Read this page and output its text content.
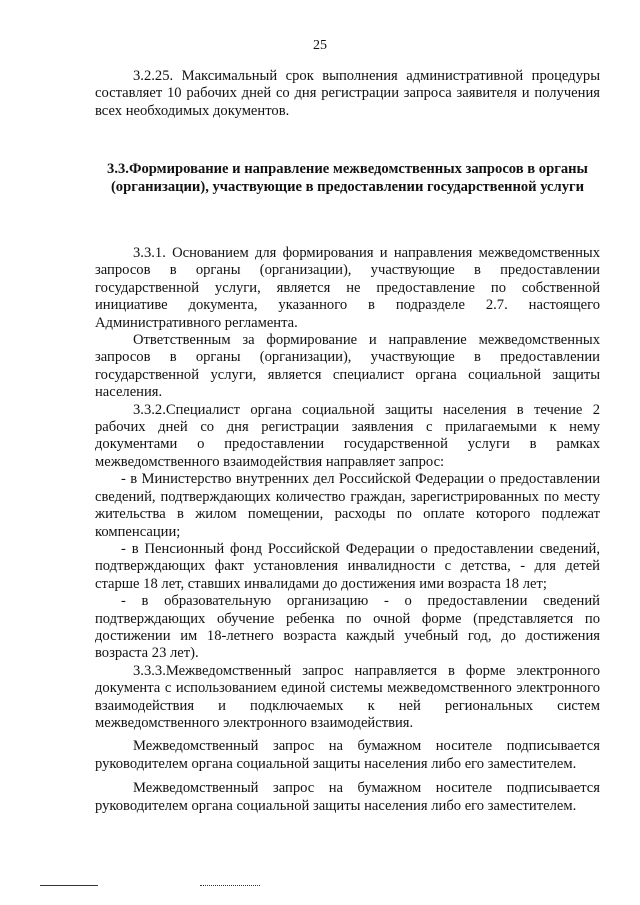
25

3.2.25. Максимальный срок выполнения административной процедуры составляет 10 рабочих дней со дня регистрации запроса заявителя и получения всех необходимых документов.

3.3.Формирование и направление межведомственных запросов в органы (организации), участвующие в предоставлении государственной услуги

3.3.1. Основанием для формирования и направления межведомственных запросов в органы (организации), участвующие в предоставлении государственной услуги, является не предоставление по собственной инициативе документа, указанного в подразделе 2.7. настоящего Административного регламента.

Ответственным за формирование и направление межведомственных запросов в органы (организации), участвующие в предоставлении государственной услуги, является специалист органа социальной защиты населения.

3.3.2.Специалист органа социальной защиты населения в течение 2 рабочих дней со дня регистрации заявления с прилагаемыми к нему документами о предоставлении государственной услуги в рамках межведомственного взаимодействия направляет запрос:

- в Министерство внутренних дел Российской Федерации о предоставлении сведений, подтверждающих количество граждан, зарегистрированных по месту жительства в жилом помещении, расходы по оплате которого подлежат компенсации;

- в Пенсионный фонд Российской Федерации о предоставлении сведений, подтверждающих факт установления инвалидности с детства, - для детей старше 18 лет, ставших инвалидами до достижения ими возраста 18 лет;

- в образовательную организацию - о предоставлении сведений подтверждающих обучение ребенка по очной форме (представляется по достижении им 18-летнего возраста каждый учебный год, до достижения возраста 23 лет).

3.3.3.Межведомственный запрос направляется в форме электронного документа с использованием единой системы межведомственного электронного взаимодействия и подключаемых к ней региональных систем межведомственного электронного взаимодействия.

Межведомственный запрос на бумажном носителе подписывается руководителем органа социальной защиты населения либо его заместителем.

Межведомственный запрос на бумажном носителе подписывается руководителем органа социальной защиты населения либо его заместителем.
